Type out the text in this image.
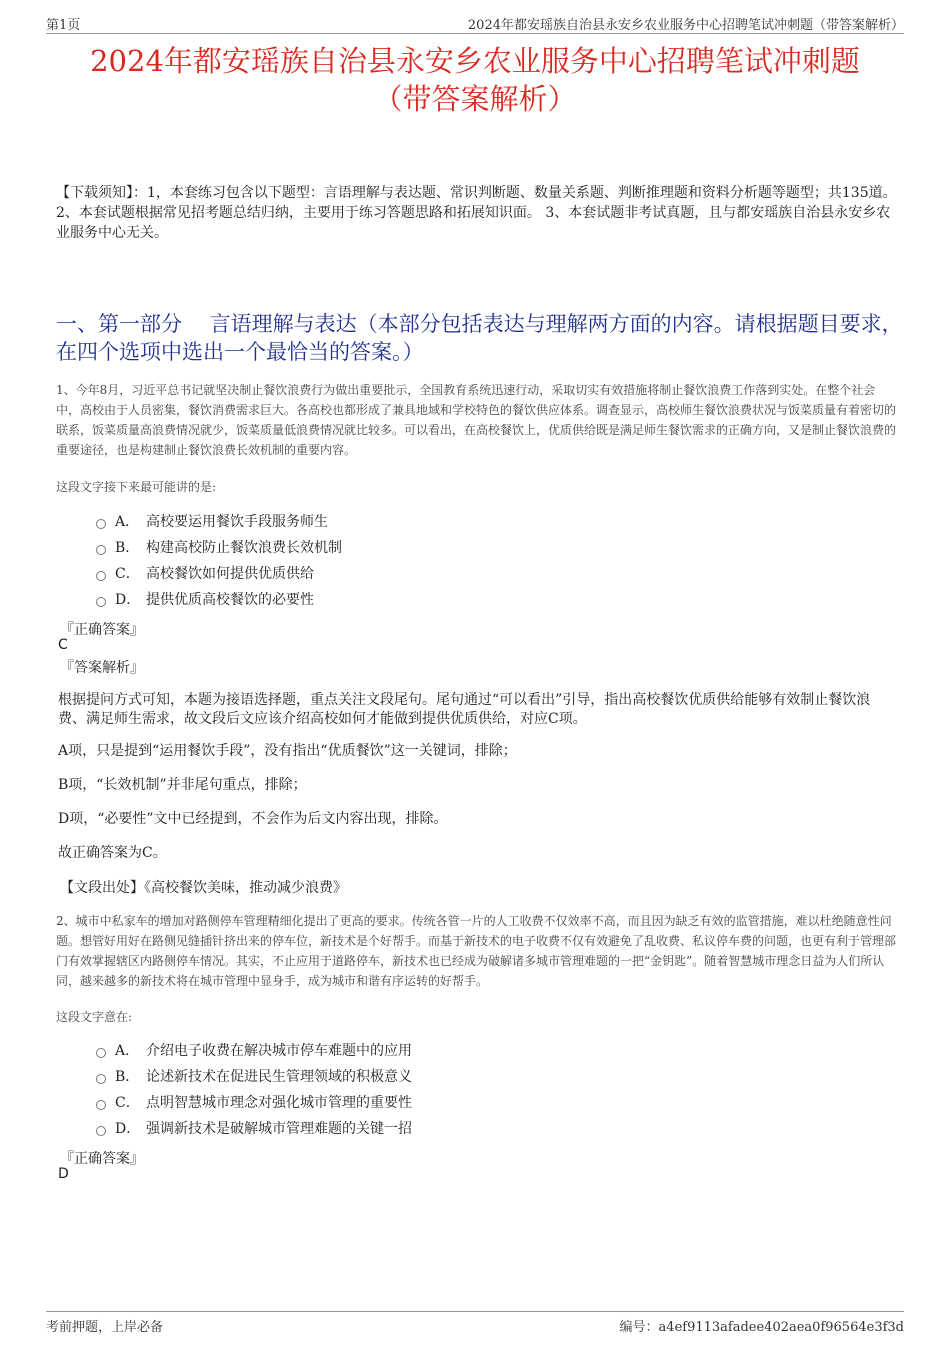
第1页	2024年都安瑶族自治县永安乡农业服务中心招聘笔试冲刺题（带答案解析）
2024年都安瑶族自治县永安乡农业服务中心招聘笔试冲刺题
（带答案解析）
【下载须知】：1，本套练习包含以下题型：言语理解与表达题、常识判断题、数量关系题、判断推理题和资料分析题等题型；共135道。 2、本套试题根据常见招考题总结归纳，主要用于练习答题思路和拓展知识面。 3、本套试题非考试真题，且与都安瑶族自治县永安乡农业服务中心无关。
一、第一部分　 言语理解与表达（本部分包括表达与理解两方面的内容。请根据题目要求，在四个选项中选出一个最恰当的答案。）
1、今年8月，习近平总书记就坚决制止餐饮浪费行为做出重要批示，全国教育系统迅速行动，采取切实有效措施将制止餐饮浪费工作落到实处。在整个社会中，高校由于人员密集，餐饮消费需求巨大。各高校也都形成了兼具地域和学校特色的餐饮供应体系。调查显示，高校师生餐饮浪费状况与饭菜质量有着密切的联系，饭菜质量高浪费情况就少，饭菜质量低浪费情况就比较多。可以看出，在高校餐饮上，优质供给既是满足师生餐饮需求的正确方向，又是制止餐饮浪费的重要途径，也是构建制止餐饮浪费长效机制的重要内容。
这段文字接下来最可能讲的是:
A． 高校要运用餐饮手段服务师生
B． 构建高校防止餐饮浪费长效机制
C． 高校餐饮如何提供优质供给
D． 提供优质高校餐饮的必要性
『正确答案』
C
『答案解析』
根据提问方式可知，本题为接语选择题，重点关注文段尾句。尾句通过“可以看出”引导，指出高校餐饮优质供给能够有效制止餐饮浪费、满足师生需求，故文段后文应该介绍高校如何才能做到提供优质供给，对应C项。
A项，只是提到“运用餐饮手段”，没有指出“优质餐饮”这一关键词，排除；
B项，“长效机制”并非尾句重点，排除；
D项，“必要性”文中已经提到，不会作为后文内容出现，排除。
故正确答案为C。
【文段出处】《高校餐饮美味，推动减少浪费》
2、城市中私家车的增加对路侧停车管理精细化提出了更高的要求。传统各管一片的人工收费不仅效率不高，而且因为缺乏有效的监管措施，难以杜绝随意性问题。想管好用好在路侧见缝插针挤出来的停车位，新技术是个好帮手。而基于新技术的电子收费不仅有效避免了乱收费、私议停车费的问题，也更有利于管理部门有效掌握辖区内路侧停车情况。其实，不止应用于道路停车，新技术也已经成为破解诸多城市管理难题的一把“金钥匙”。随着智慧城市理念日益为人们所认同，越来越多的新技术将在城市管理中显身手，成为城市和谐有序运转的好帮手。
这段文字意在:
A． 介绍电子收费在解决城市停车难题中的应用
B． 论述新技术在促进民生管理领域的积极意义
C． 点明智慧城市理念对强化城市管理的重要性
D． 强调新技术是破解城市管理难题的关键一招
『正确答案』
D
考前押题，上岸必备	编号：a4ef9113afadee402aea0f96564e3f3d
